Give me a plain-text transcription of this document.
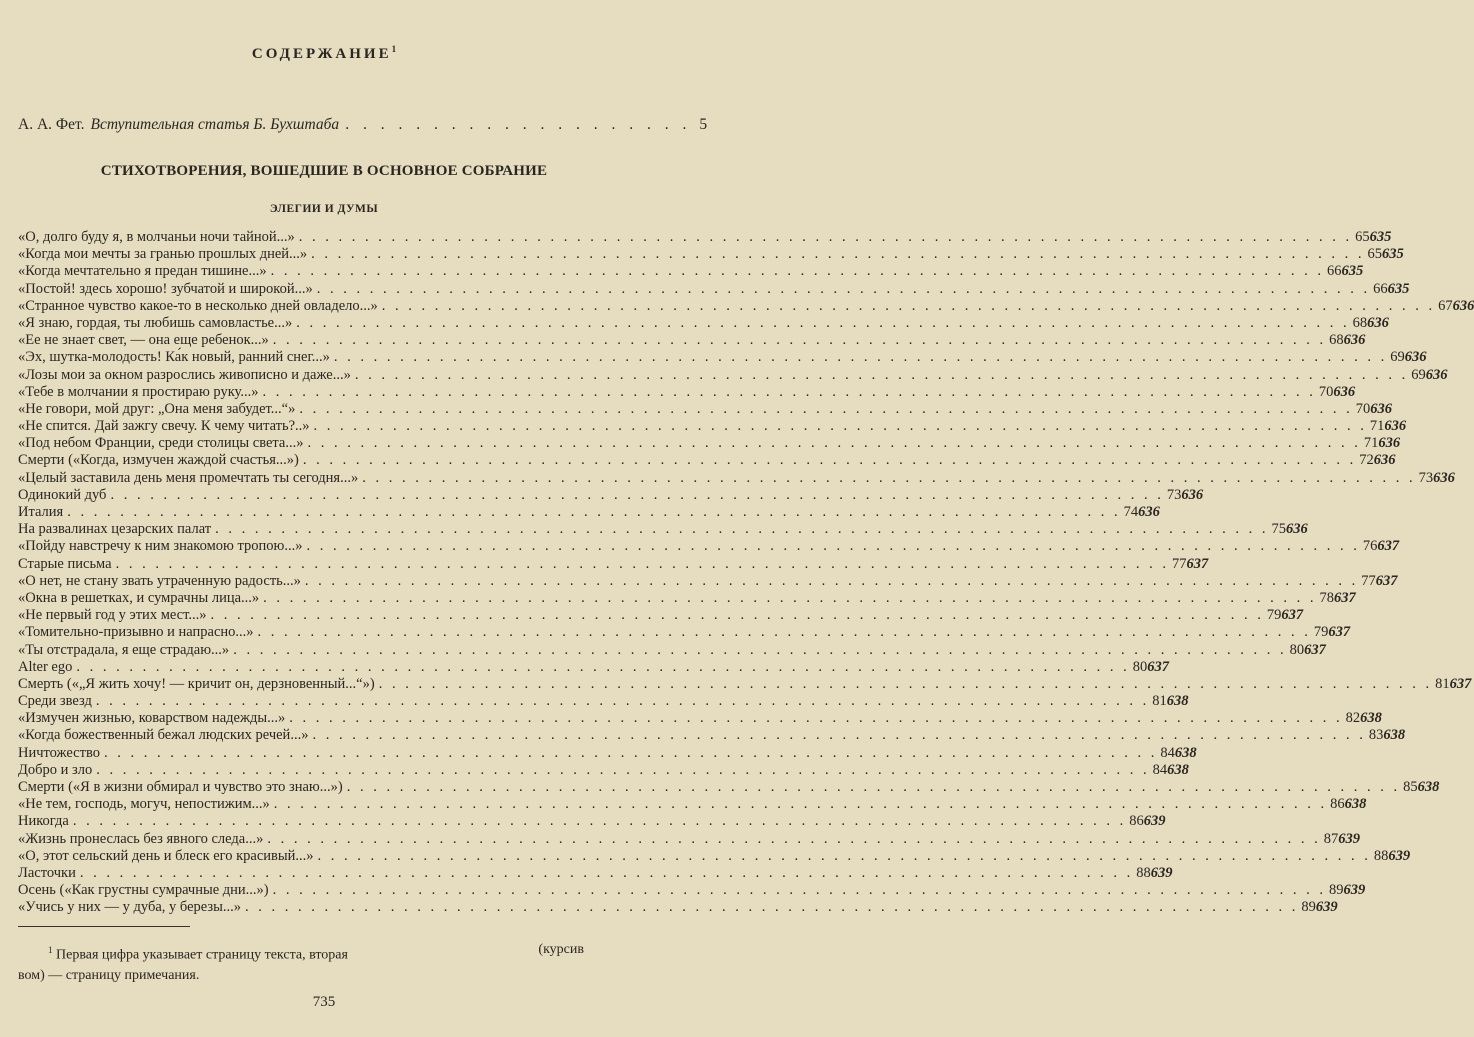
СОДЕРЖАНИЕ$^1$
А. А. Фет. Вступительная статья Б. Бухштаба . . . . . . . . . . . . . . . . . . . . 5
СТИХОТВОРЕНИЯ, ВОШЕДШИЕ В ОСНОВНОЕ СОБРАНИЕ
ЭЛЕГИИ И ДУМЫ
«О, долго буду я, в молчаньи ночи тайной...» . . . . . . . . . . . . . . . . . . . . . . . . . . . . . . . . . . . . . . . . . . . . . . . . . . . . . . . . . . . . . . . . . . . . . . . . . . . . . . . . 65 635
«Когда мои мечты за гранью прошлых дней...» . . . . . . . . . . . . . . . . . . . . . . . . . . . . . . . . . . . . . . . . . . . . . . . . . . . . . . . . . . . . . . . . . . . . . . . . . . . . . . . . 65 635
«Когда мечтательно я предан тишине...» . . . . . . . . . . . . . . . . . . . . . . . . . . . . . . . . . . . . . . . . . . . . . . . . . . . . . . . . . . . . . . . . . . . . . . . . . . . . . . . . 66 635
«Постой! здесь хорошо! зубчатой и широкой...» . . . . . . . . . . . . . . . . . . . . . . . . . . . . . . . . . . . . . . . . . . . . . . . . . . . . . . . . . . . . . . . . . . . . . . . . . . . . . . . . 66 635
«Странное чувство какое-то в несколько дней овладело...» . . . . . . . . . . . . . . . . . . . . . . . . . . . . . . . . . . . . . . . . . . . . . . . . . . . . . . . . . . . . . . . . . . . . . . . . . . . . . . . . 67 636
«Я знаю, гордая, ты любишь самовластье...» . . . . . . . . . . . . . . . . . . . . . . . . . . . . . . . . . . . . . . . . . . . . . . . . . . . . . . . . . . . . . . . . . . . . . . . . . . . . . . . . 68 636
«Ее не знает свет, — она еще ребенок...» . . . . . . . . . . . . . . . . . . . . . . . . . . . . . . . . . . . . . . . . . . . . . . . . . . . . . . . . . . . . . . . . . . . . . . . . . . . . . . . . 68 636
«Эх, шутка-молодость! Ка́к новый, ранний снег...» . . . . . . . . . . . . . . . . . . . . . . . . . . . . . . . . . . . . . . . . . . . . . . . . . . . . . . . . . . . . . . . . . . . . . . . . . . . . . . . . 69 636
«Лозы мои за окном разрослись живописно и даже...» . . . . . . . . . . . . . . . . . . . . . . . . . . . . . . . . . . . . . . . . . . . . . . . . . . . . . . . . . . . . . . . . . . . . . . . . . . . . . . . . 69 636
«Тебе в молчании я простираю руку...» . . . . . . . . . . . . . . . . . . . . . . . . . . . . . . . . . . . . . . . . . . . . . . . . . . . . . . . . . . . . . . . . . . . . . . . . . . . . . . . . 70 636
«Не говори, мой друг: „Она меня забудет...“» . . . . . . . . . . . . . . . . . . . . . . . . . . . . . . . . . . . . . . . . . . . . . . . . . . . . . . . . . . . . . . . . . . . . . . . . . . . . . . . . 70 636
«Не спится. Дай зажгу свечу. К чему читать?..» . . . . . . . . . . . . . . . . . . . . . . . . . . . . . . . . . . . . . . . . . . . . . . . . . . . . . . . . . . . . . . . . . . . . . . . . . . . . . . . . 71 636
«Под небом Франции, среди столицы света...» . . . . . . . . . . . . . . . . . . . . . . . . . . . . . . . . . . . . . . . . . . . . . . . . . . . . . . . . . . . . . . . . . . . . . . . . . . . . . . . . 71 636
Смерти («Когда, измучен жаждой счастья...») . . . . . . . . . . . . . . . . . . . . . . . . . . . . . . . . . . . . . . . . . . . . . . . . . . . . . . . . . . . . . . . . . . . . . . . . . . . . . . . . 72 636
«Целый заставила день меня промечтать ты сегодня...» . . . . . . . . . . . . . . . . . . . . . . . . . . . . . . . . . . . . . . . . . . . . . . . . . . . . . . . . . . . . . . . . . . . . . . . . . . . . . . . . 73 636
Одинокий дуб . . . . . . . . . . . . . . . . . . . . . . . . . . . . . . . . . . . . . . . . . . . . . . . . . . . . . . . . . . . . . . . . . . . . . . . . . . . . . . . . 73 636
Италия . . . . . . . . . . . . . . . . . . . . . . . . . . . . . . . . . . . . . . . . . . . . . . . . . . . . . . . . . . . . . . . . . . . . . . . . . . . . . . . . 74 636
На развалинах цезарских палат . . . . . . . . . . . . . . . . . . . . . . . . . . . . . . . . . . . . . . . . . . . . . . . . . . . . . . . . . . . . . . . . . . . . . . . . . . . . . . . . 75 636
«Пойду навстречу к ним знакомою тропою...» . . . . . . . . . . . . . . . . . . . . . . . . . . . . . . . . . . . . . . . . . . . . . . . . . . . . . . . . . . . . . . . . . . . . . . . . . . . . . . . . 76 637
Старые письма . . . . . . . . . . . . . . . . . . . . . . . . . . . . . . . . . . . . . . . . . . . . . . . . . . . . . . . . . . . . . . . . . . . . . . . . . . . . . . . . 77 637
«О нет, не стану звать утраченную радость...» . . . . . . . . . . . . . . . . . . . . . . . . . . . . . . . . . . . . . . . . . . . . . . . . . . . . . . . . . . . . . . . . . . . . . . . . . . . . . . . . 77 637
«Окна в решетках, и сумрачны лица...» . . . . . . . . . . . . . . . . . . . . . . . . . . . . . . . . . . . . . . . . . . . . . . . . . . . . . . . . . . . . . . . . . . . . . . . . . . . . . . . . 78 637
«Не первый год у этих мест...» . . . . . . . . . . . . . . . . . . . . . . . . . . . . . . . . . . . . . . . . . . . . . . . . . . . . . . . . . . . . . . . . . . . . . . . . . . . . . . . . 79 637
«Томительно-призывно и напрасно...» . . . . . . . . . . . . . . . . . . . . . . . . . . . . . . . . . . . . . . . . . . . . . . . . . . . . . . . . . . . . . . . . . . . . . . . . . . . . . . . . 79 637
«Ты отстрадала, я еще страдаю...» . . . . . . . . . . . . . . . . . . . . . . . . . . . . . . . . . . . . . . . . . . . . . . . . . . . . . . . . . . . . . . . . . . . . . . . . . . . . . . . . 80 637
Alter ego . . . . . . . . . . . . . . . . . . . . . . . . . . . . . . . . . . . . . . . . . . . . . . . . . . . . . . . . . . . . . . . . . . . . . . . . . . . . . . . . 80 637
Смерть («„Я жить хочу! — кричит он, дерзновенный...“») . . . . . . . . . . . . . . . . . . . . . . . . . . . . . . . . . . . . . . . . . . . . . . . . . . . . . . . . . . . . . . . . . . . . . . . . . . . . . . . . 81 637
Среди звезд . . . . . . . . . . . . . . . . . . . . . . . . . . . . . . . . . . . . . . . . . . . . . . . . . . . . . . . . . . . . . . . . . . . . . . . . . . . . . . . . 81 638
«Измучен жизнью, коварством надежды...» . . . . . . . . . . . . . . . . . . . . . . . . . . . . . . . . . . . . . . . . . . . . . . . . . . . . . . . . . . . . . . . . . . . . . . . . . . . . . . . . 82 638
«Когда божественный бежал людских речей...» . . . . . . . . . . . . . . . . . . . . . . . . . . . . . . . . . . . . . . . . . . . . . . . . . . . . . . . . . . . . . . . . . . . . . . . . . . . . . . . . 83 638
Ничтожество . . . . . . . . . . . . . . . . . . . . . . . . . . . . . . . . . . . . . . . . . . . . . . . . . . . . . . . . . . . . . . . . . . . . . . . . . . . . . . . . 84 638
Добро и зло . . . . . . . . . . . . . . . . . . . . . . . . . . . . . . . . . . . . . . . . . . . . . . . . . . . . . . . . . . . . . . . . . . . . . . . . . . . . . . . . 84 638
Смерти («Я в жизни обмирал и чувство это знаю...») . . . . . . . . . . . . . . . . . . . . . . . . . . . . . . . . . . . . . . . . . . . . . . . . . . . . . . . . . . . . . . . . . . . . . . . . . . . . . . . . 85 638
«Не тем, господь, могуч, непостижим...» . . . . . . . . . . . . . . . . . . . . . . . . . . . . . . . . . . . . . . . . . . . . . . . . . . . . . . . . . . . . . . . . . . . . . . . . . . . . . . . . 86 638
Никогда . . . . . . . . . . . . . . . . . . . . . . . . . . . . . . . . . . . . . . . . . . . . . . . . . . . . . . . . . . . . . . . . . . . . . . . . . . . . . . . . 86 639
«Жизнь пронеслась без явного следа...» . . . . . . . . . . . . . . . . . . . . . . . . . . . . . . . . . . . . . . . . . . . . . . . . . . . . . . . . . . . . . . . . . . . . . . . . . . . . . . . . 87 639
«О, этот сельский день и блеск его красивый...» . . . . . . . . . . . . . . . . . . . . . . . . . . . . . . . . . . . . . . . . . . . . . . . . . . . . . . . . . . . . . . . . . . . . . . . . . . . . . . . . 88 639
Ласточки . . . . . . . . . . . . . . . . . . . . . . . . . . . . . . . . . . . . . . . . . . . . . . . . . . . . . . . . . . . . . . . . . . . . . . . . . . . . . . . . 88 639
Осень («Как грустны сумрачные дни...») . . . . . . . . . . . . . . . . . . . . . . . . . . . . . . . . . . . . . . . . . . . . . . . . . . . . . . . . . . . . . . . . . . . . . . . . . . . . . . . . 89 639
«Учись у них — у дуба, у березы...» . . . . . . . . . . . . . . . . . . . . . . . . . . . . . . . . . . . . . . . . . . . . . . . . . . . . . . . . . . . . . . . . . . . . . . . . . . . . . . . . 89 639
$^1$ Первая цифра указывает страницу текста, вторая	(курсив
вом) — страницу примечания.
735
